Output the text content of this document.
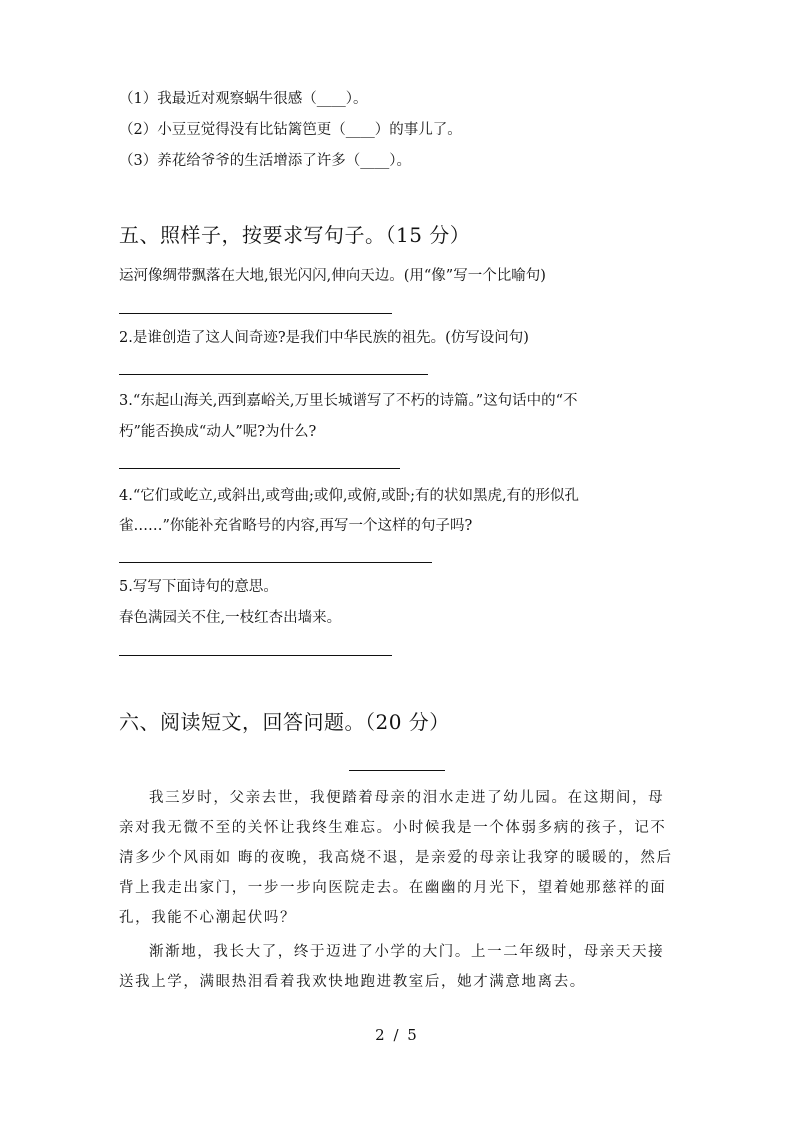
（1）我最近对观察蜗牛很感（____）。
（2）小豆豆觉得没有比钻篱笆更（____）的事儿了。
（3）养花给爷爷的生活增添了许多（____）。
五、照样子，按要求写句子。（15 分）
运河像绸带飘落在大地,银光闪闪,伸向天边。(用“像”写一个比喻句)
2.是谁创造了这人间奇迹?是我们中华民族的祖先。(仿写设问句)
3.“东起山海关,西到嘉峪关,万里长城谱写了不朽的诗篇。”这句话中的“不
朽”能否换成“动人”呢?为什么?
4.“它们或屹立,或斜出,或弯曲;或仰,或俯,或卧;有的状如黑虎,有的形似孔
雀……”你能补充省略号的内容,再写一个这样的句子吗?
5.写写下面诗句的意思。
春色满园关不住,一枝红杏出墙来。
六、阅读短文，回答问题。（20 分）
我三岁时，父亲去世，我便踏着母亲的泪水走进了幼儿园。在这期间，母
亲对我无微不至的关怀让我终生难忘。小时候我是一个体弱多病的孩子，记不
清多少个风雨如 晦的夜晚，我高烧不退，是亲爱的母亲让我穿的暖暖的，然后
背上我走出家门，一步一步向医院走去。在幽幽的月光下，望着她那慈祥的面
孔，我能不心潮起伏吗？
渐渐地，我长大了，终于迈进了小学的大门。上一二年级时，母亲天天接
送我上学，满眼热泪看着我欢快地跑进教室后，她才满意地离去。
2 / 5
